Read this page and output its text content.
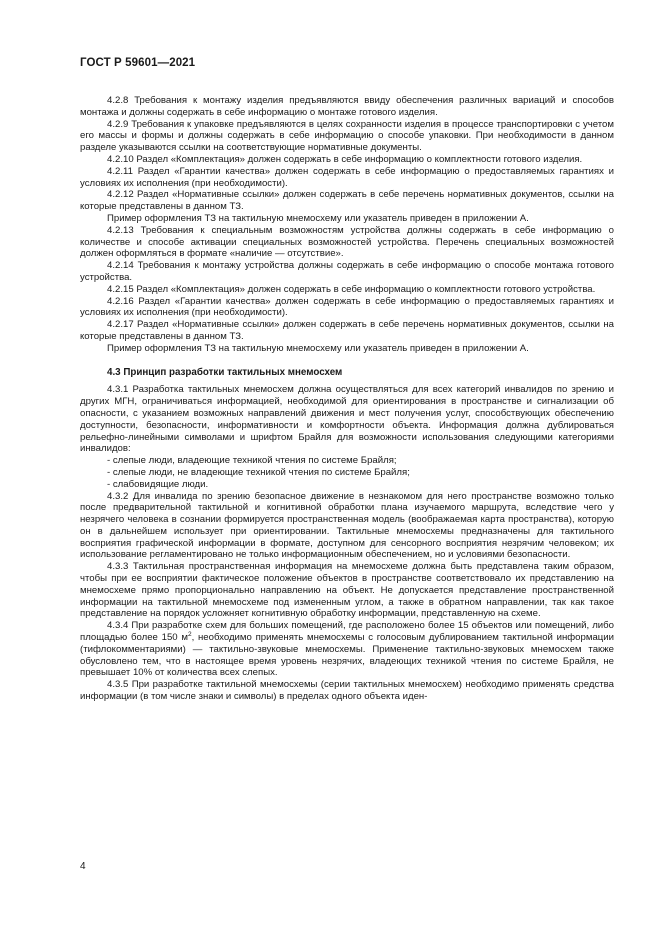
ГОСТ Р 59601—2021

4.2.8 Требования к монтажу изделия предъявляются ввиду обеспечения различных вариаций и способов монтажа и должны содержать в себе информацию о монтаже готового изделия.

4.2.9 Требования к упаковке предъявляются в целях сохранности изделия в процессе транспортировки с учетом его массы и формы и должны содержать в себе информацию о способе упаковки. При необходимости в данном разделе указываются ссылки на соответствующие нормативные документы.

4.2.10 Раздел «Комплектация» должен содержать в себе информацию о комплектности готового изделия.

4.2.11 Раздел «Гарантии качества» должен содержать в себе информацию о предоставляемых гарантиях и условиях их исполнения (при необходимости).

4.2.12 Раздел «Нормативные ссылки» должен содержать в себе перечень нормативных документов, ссылки на которые представлены в данном ТЗ.

Пример оформления ТЗ на тактильную мнемосхему или указатель приведен в приложении А.

4.2.13 Требования к специальным возможностям устройства должны содержать в себе информацию о количестве и способе активации специальных возможностей устройства. Перечень специальных возможностей должен оформляться в формате «наличие — отсутствие».

4.2.14 Требования к монтажу устройства должны содержать в себе информацию о способе монтажа готового устройства.

4.2.15 Раздел «Комплектация» должен содержать в себе информацию о комплектности готового устройства.

4.2.16 Раздел «Гарантии качества» должен содержать в себе информацию о предоставляемых гарантиях и условиях их исполнения (при необходимости).

4.2.17 Раздел «Нормативные ссылки» должен содержать в себе перечень нормативных документов, ссылки на которые представлены в данном ТЗ.

Пример оформления ТЗ на тактильную мнемосхему или указатель приведен в приложении А.

4.3 Принцип разработки тактильных мнемосхем

4.3.1 Разработка тактильных мнемосхем должна осуществляться для всех категорий инвалидов по зрению и других МГН, ограничиваться информацией, необходимой для ориентирования в пространстве и сигнализации об опасности, с указанием возможных направлений движения и мест получения услуг, способствующих обеспечению доступности, безопасности, информативности и комфортности объекта. Информация должна дублироваться рельефно-линейными символами и шрифтом Брайля для возможности использования следующими категориями инвалидов:

- слепые люди, владеющие техникой чтения по системе Брайля;

- слепые люди, не владеющие техникой чтения по системе Брайля;

- слабовидящие люди.

4.3.2 Для инвалида по зрению безопасное движение в незнакомом для него пространстве возможно только после предварительной тактильной и когнитивной обработки плана изучаемого маршрута, вследствие чего у незрячего человека в сознании формируется пространственная модель (воображаемая карта пространства), которую он в дальнейшем использует при ориентировании. Тактильные мнемосхемы предназначены для тактильного восприятия графической информации в формате, доступном для сенсорного восприятия незрячим человеком; их использование регламентировано не только информационным обеспечением, но и условиями безопасности.

4.3.3 Тактильная пространственная информация на мнемосхеме должна быть представлена таким образом, чтобы при ее восприятии фактическое положение объектов в пространстве соответствовало их представлению на мнемосхеме прямо пропорционально направлению на объект. Не допускается представление пространственной информации на тактильной мнемосхеме под измененным углом, а также в обратном направлении, так как такое представление на порядок усложняет когнитивную обработку информации, представленную на схеме.

4.3.4 При разработке схем для больших помещений, где расположено более 15 объектов или помещений, либо площадью более 150 $м^2$, необходимо применять мнемосхемы с голосовым дублированием тактильной информации (тифлокомментариями) — тактильно-звуковые мнемосхемы. Применение тактильно-звуковых мнемосхем также обусловлено тем, что в настоящее время уровень незрячих, владеющих техникой чтения по системе Брайля, не превышает 10% от количества всех слепых.

4.3.5 При разработке тактильной мнемосхемы (серии тактильных мнемосхем) необходимо применять средства информации (в том числе знаки и символы) в пределах одного объекта иден-

4
